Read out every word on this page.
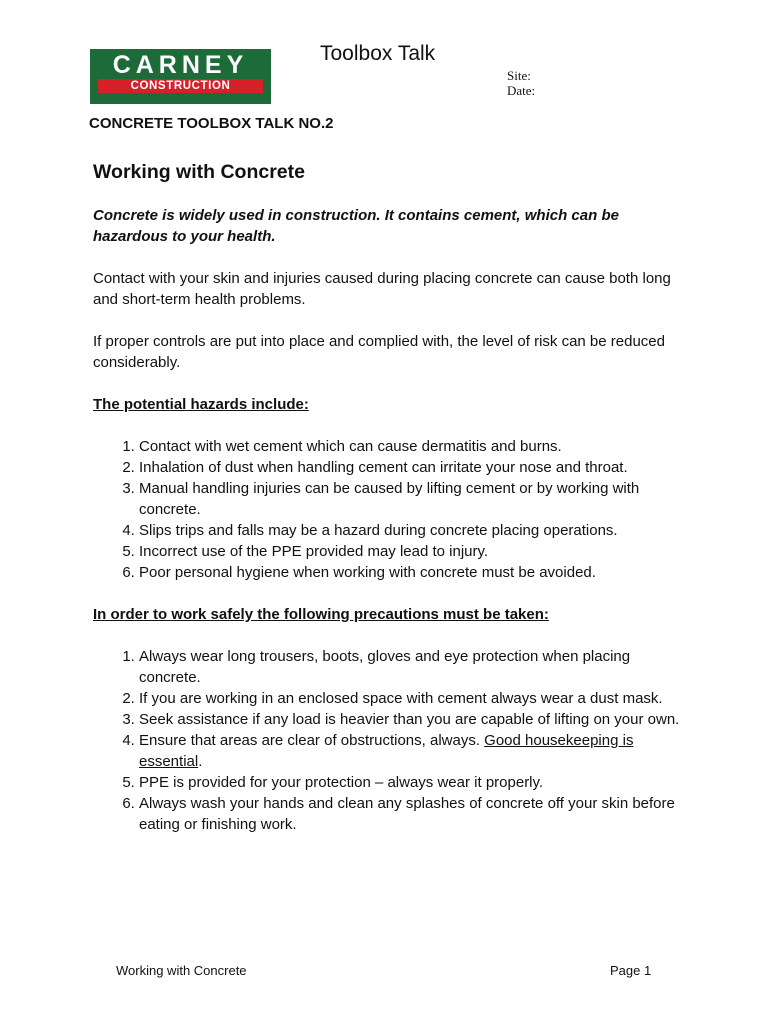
CARNEY
CONSTRUCTION
Toolbox Talk
Site:
Date:
CONCRETE TOOLBOX TALK NO.2
Working with Concrete

Concrete is widely used in construction. It contains cement, which can be hazardous to your health.

Contact with your skin and injuries caused during placing concrete can cause both long and short-term health problems.

If proper controls are put into place and complied with, the level of risk can be reduced considerably.

The potential hazards include:
1. Contact with wet cement which can cause dermatitis and burns.
2. Inhalation of dust when handling cement can irritate your nose and throat.
3. Manual handling injuries can be caused by lifting cement or by working with concrete.
4. Slips trips and falls may be a hazard during concrete placing operations.
5. Incorrect use of the PPE provided may lead to injury.
6. Poor personal hygiene when working with concrete must be avoided.
In order to work safely the following precautions must be taken:
1. Always wear long trousers, boots, gloves and eye protection when placing concrete.
2. If you are working in an enclosed space with cement always wear a dust mask.
3. Seek assistance if any load is heavier than you are capable of lifting on your own.
4. Ensure that areas are clear of obstructions, always. Good housekeeping is essential.
5. PPE is provided for your protection – always wear it properly.
6. Always wash your hands and clean any splashes of concrete off your skin before eating or finishing work.
Working with Concrete	Page 1
